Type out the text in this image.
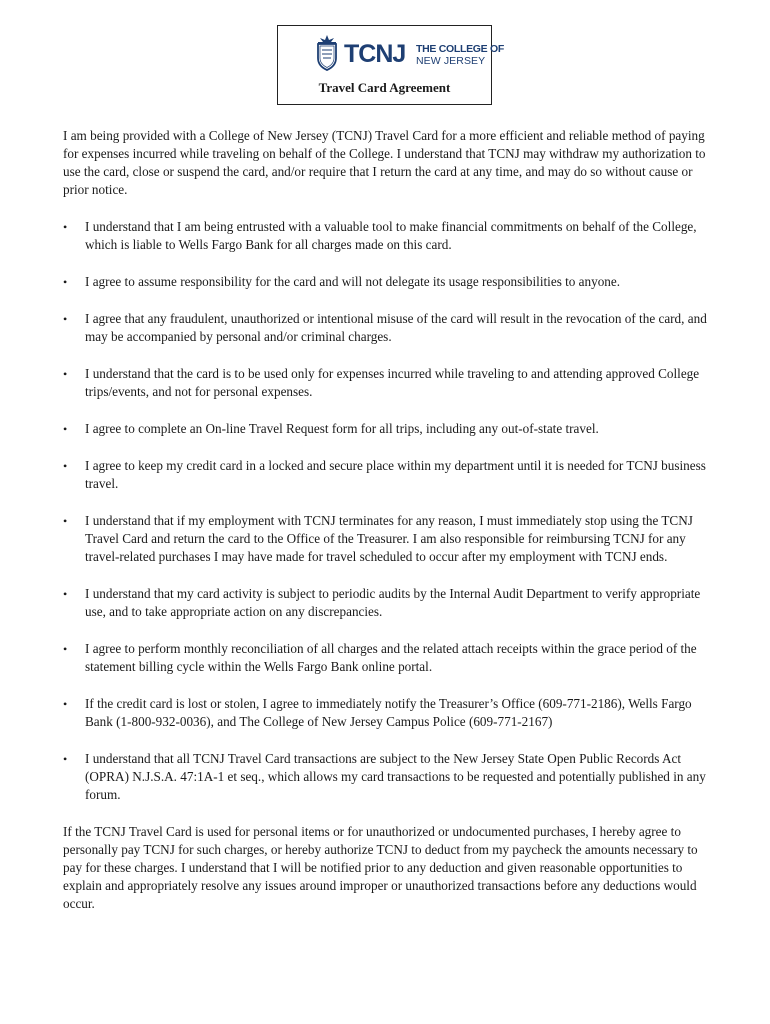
TCNJ THE COLLEGE OF
NEW JERSEY
Travel Card Agreement

I am being provided with a College of New Jersey (TCNJ) Travel Card for a more efficient and reliable method of paying for expenses incurred while traveling on behalf of the College. I understand that TCNJ may withdraw my authorization to use the card, close or suspend the card, and/or require that I return the card at any time, and may do so without cause or prior notice.

• I understand that I am being entrusted with a valuable tool to make financial commitments on behalf of the College, which is liable to Wells Fargo Bank for all charges made on this card.
• I agree to assume responsibility for the card and will not delegate its usage responsibilities to anyone.
• I agree that any fraudulent, unauthorized or intentional misuse of the card will result in the revocation of the card, and may be accompanied by personal and/or criminal charges.
• I understand that the card is to be used only for expenses incurred while traveling to and attending approved College trips/events, and not for personal expenses.
• I agree to complete an On-line Travel Request form for all trips, including any out-of-state travel.
• I agree to keep my credit card in a locked and secure place within my department until it is needed for TCNJ business travel.
• I understand that if my employment with TCNJ terminates for any reason, I must immediately stop using the TCNJ Travel Card and return the card to the Office of the Treasurer. I am also responsible for reimbursing TCNJ for any travel-related purchases I may have made for travel scheduled to occur after my employment with TCNJ ends.
• I understand that my card activity is subject to periodic audits by the Internal Audit Department to verify appropriate use, and to take appropriate action on any discrepancies.
• I agree to perform monthly reconciliation of all charges and the related attach receipts within the grace period of the statement billing cycle within the Wells Fargo Bank online portal.
• If the credit card is lost or stolen, I agree to immediately notify the Treasurer’s Office (609-771-2186), Wells Fargo Bank (1-800-932-0036), and The College of New Jersey Campus Police (609-771-2167)
• I understand that all TCNJ Travel Card transactions are subject to the New Jersey State Open Public Records Act (OPRA) N.J.S.A. 47:1A-1 et seq., which allows my card transactions to be requested and potentially published in any forum.

If the TCNJ Travel Card is used for personal items or for unauthorized or undocumented purchases, I hereby agree to personally pay TCNJ for such charges, or hereby authorize TCNJ to deduct from my paycheck the amounts necessary to pay for these charges. I understand that I will be notified prior to any deduction and given reasonable opportunities to explain and appropriately resolve any issues around improper or unauthorized transactions before any deductions would occur.
